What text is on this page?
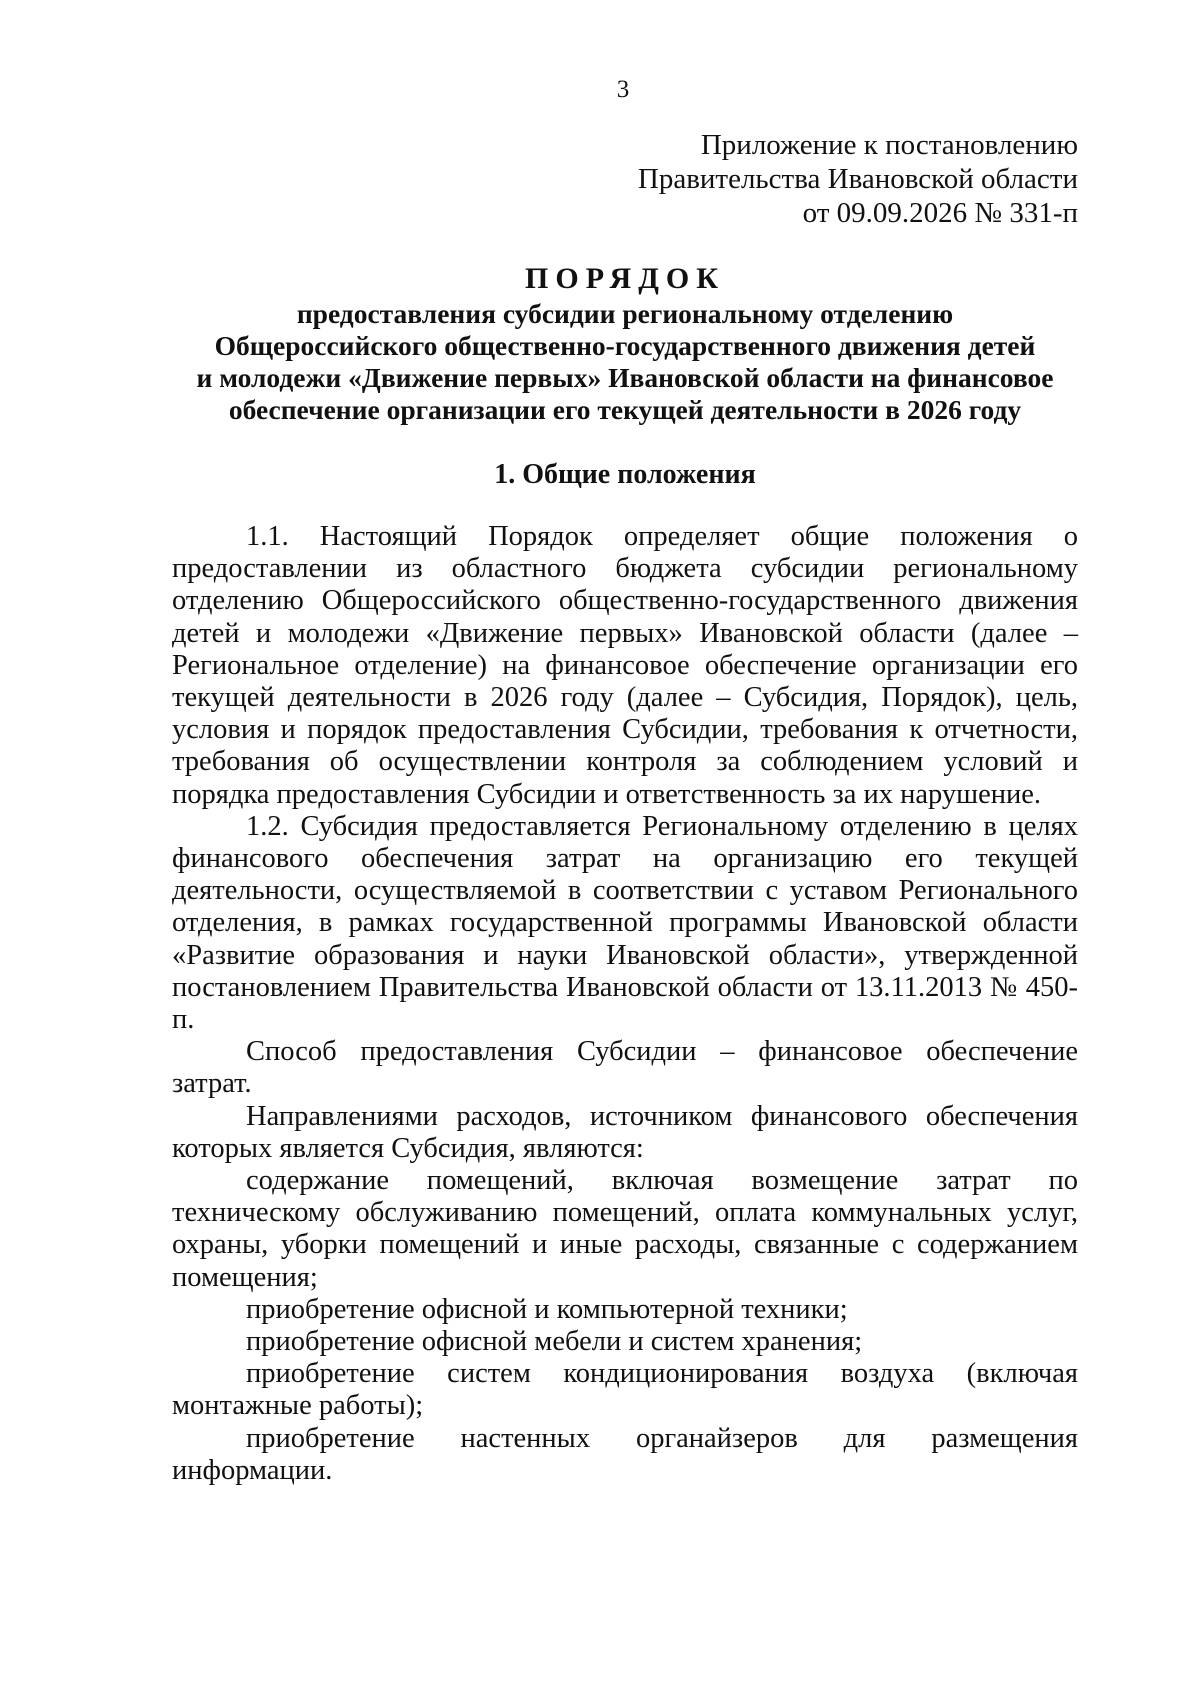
3
Приложение к постановлению
Правительства Ивановской области
от 09.09.2026 № 331-п
ПОРЯДОК
предоставления субсидии региональному отделению
Общероссийского общественно-государственного движения детей
и молодежи «Движение первых» Ивановской области на финансовое
обеспечение организации его текущей деятельности в 2026 году
1. Общие положения

1.1. Настоящий Порядок определяет общие положения о предоставлении из областного бюджета субсидии региональному отделению Общероссийского общественно-государственного движения детей и молодежи «Движение первых» Ивановской области (далее – Региональное отделение) на финансовое обеспечение организации его текущей деятельности в 2026 году (далее – Субсидия, Порядок), цель, условия и порядок предоставления Субсидии, требования к отчетности, требования об осуществлении контроля за соблюдением условий и порядка предоставления Субсидии и ответственность за их нарушение.

1.2. Субсидия предоставляется Региональному отделению в целях финансового обеспечения затрат на организацию его текущей деятельности, осуществляемой в соответствии с уставом Регионального отделения, в рамках государственной программы Ивановской области «Развитие образования и науки Ивановской области», утвержденной постановлением Правительства Ивановской области от 13.11.2013 № 450-п.

Способ предоставления Субсидии – финансовое обеспечение затрат.

Направлениями расходов, источником финансового обеспечения которых является Субсидия, являются:

содержание помещений, включая возмещение затрат по техническому обслуживанию помещений, оплата коммунальных услуг, охраны, уборки помещений и иные расходы, связанные с содержанием помещения;

приобретение офисной и компьютерной техники;

приобретение офисной мебели и систем хранения;

приобретение систем кондиционирования воздуха (включая монтажные работы);

приобретение настенных органайзеров для размещения информации.
